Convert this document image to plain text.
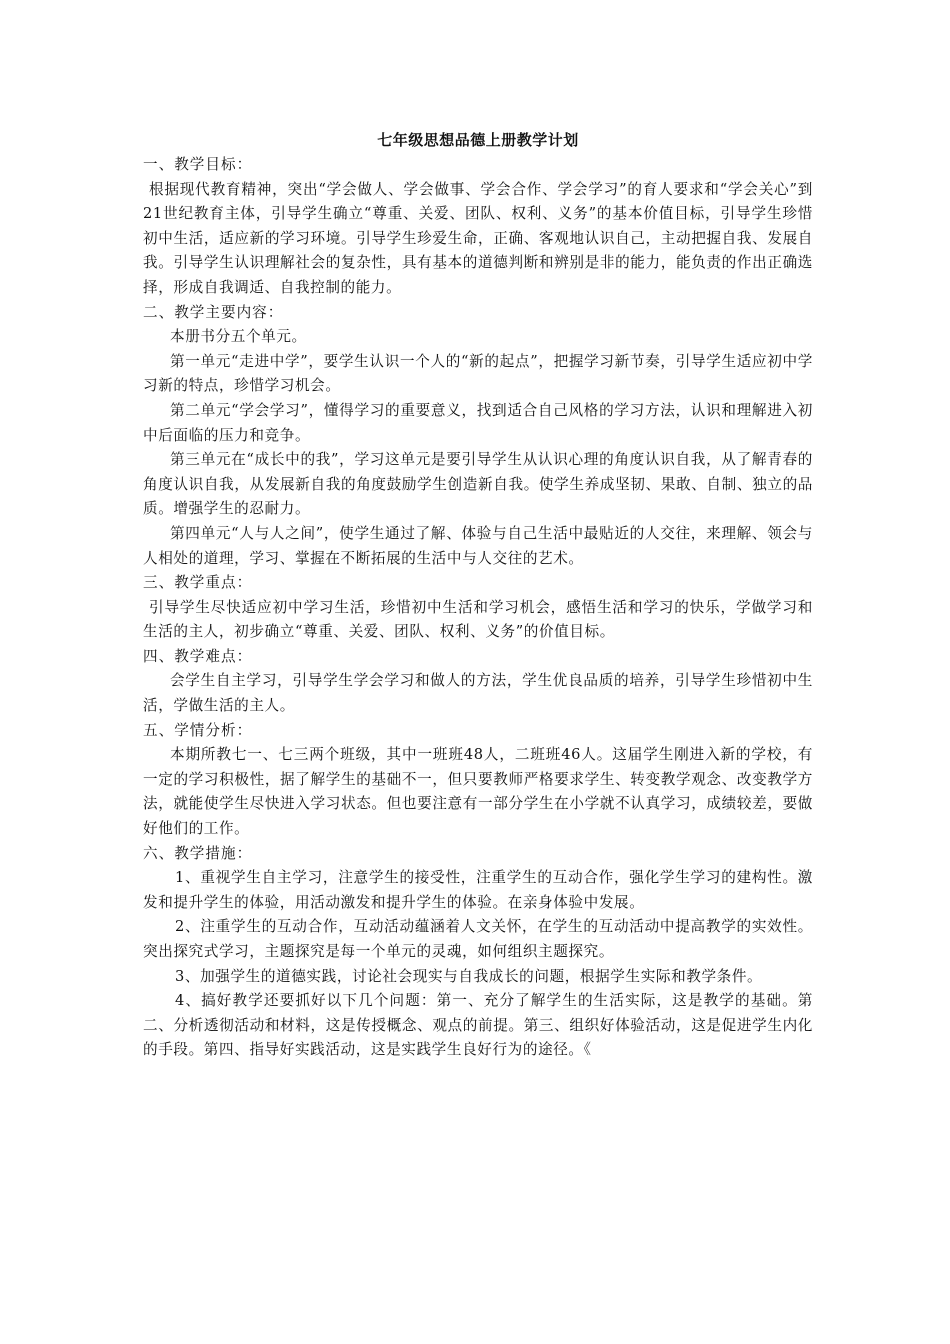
七年级思想品德上册教学计划

一、教学目标：

根据现代教育精神，突出“学会做人、学会做事、学会合作、学会学习”的育人要求和“学会关心”到21世纪教育主体，引导学生确立“尊重、关爱、团队、权利、义务”的基本价值目标，引导学生珍惜初中生活，适应新的学习环境。引导学生珍爱生命，正确、客观地认识自己，主动把握自我、发展自我。引导学生认识理解社会的复杂性，具有基本的道德判断和辨别是非的能力，能负责的作出正确选择，形成自我调适、自我控制的能力。

二、教学主要内容：

本册书分五个单元。

第一单元“走进中学”，要学生认识一个人的“新的起点”，把握学习新节奏，引导学生适应初中学习新的特点，珍惜学习机会。

第二单元“学会学习”，懂得学习的重要意义，找到适合自己风格的学习方法，认识和理解进入初中后面临的压力和竞争。

第三单元在“成长中的我”，学习这单元是要引导学生从认识心理的角度认识自我，从了解青春的角度认识自我，从发展新自我的角度鼓励学生创造新自我。使学生养成坚韧、果敢、自制、独立的品质。增强学生的忍耐力。

第四单元“人与人之间”，使学生通过了解、体验与自己生活中最贴近的人交往，来理解、领会与人相处的道理，学习、掌握在不断拓展的生活中与人交往的艺术。

三、教学重点：

引导学生尽快适应初中学习生活，珍惜初中生活和学习机会，感悟生活和学习的快乐，学做学习和生活的主人，初步确立“尊重、关爱、团队、权利、义务”的价值目标。

四、教学难点：

会学生自主学习，引导学生学会学习和做人的方法，学生优良品质的培养，引导学生珍惜初中生活，学做生活的主人。

五、学情分析：

本期所教七一、七三两个班级，其中一班班48人，二班班46人。这届学生刚进入新的学校，有一定的学习积极性，据了解学生的基础不一，但只要教师严格要求学生、转变教学观念、改变教学方法，就能使学生尽快进入学习状态。但也要注意有一部分学生在小学就不认真学习，成绩较差，要做好他们的工作。

六、教学措施：

1、重视学生自主学习，注意学生的接受性，注重学生的互动合作，强化学生学习的建构性。激发和提升学生的体验，用活动激发和提升学生的体验。在亲身体验中发展。

2、注重学生的互动合作，互动活动蕴涵着人文关怀，在学生的互动活动中提高教学的实效性。突出探究式学习，主题探究是每一个单元的灵魂，如何组织主题探究。

3、加强学生的道德实践，讨论社会现实与自我成长的问题，根据学生实际和教学条件。

4、搞好教学还要抓好以下几个问题：第一、充分了解学生的生活实际，这是教学的基础。第二、分析透彻活动和材料，这是传授概念、观点的前提。第三、组织好体验活动，这是促进学生内化的手段。第四、指导好实践活动，这是实践学生良好行为的途径。《
